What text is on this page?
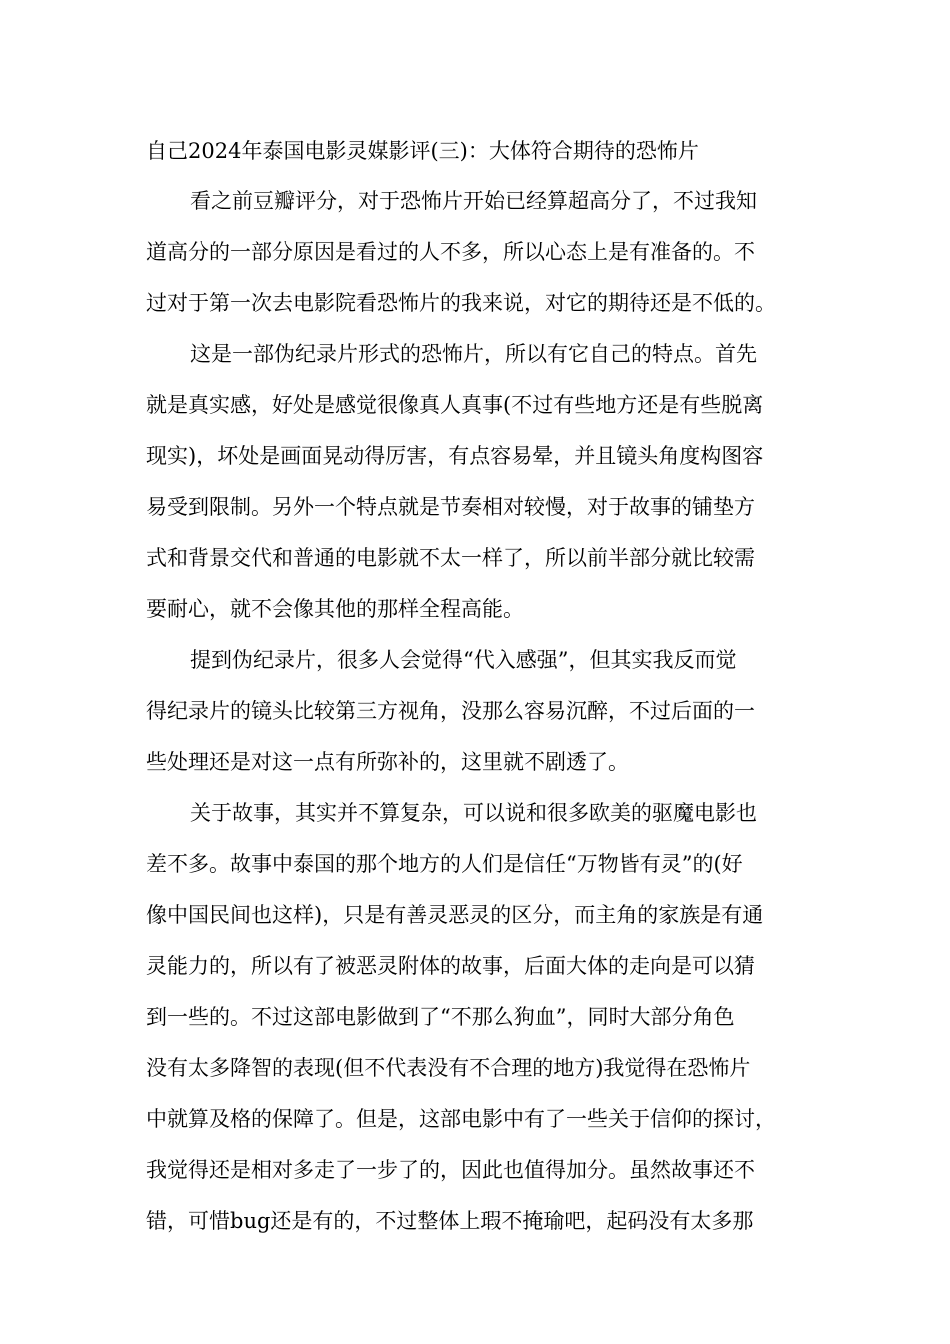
自己2024年泰国电影灵媒影评(三)：大体符合期待的恐怖片
看之前豆瓣评分，对于恐怖片开始已经算超高分了，不过我知
道高分的一部分原因是看过的人不多，所以心态上是有准备的。不
过对于第一次去电影院看恐怖片的我来说，对它的期待还是不低的。
这是一部伪纪录片形式的恐怖片，所以有它自己的特点。首先
就是真实感，好处是感觉很像真人真事(不过有些地方还是有些脱离
现实)，坏处是画面晃动得厉害，有点容易晕，并且镜头角度构图容
易受到限制。另外一个特点就是节奏相对较慢，对于故事的铺垫方
式和背景交代和普通的电影就不太一样了，所以前半部分就比较需
要耐心，就不会像其他的那样全程高能。
提到伪纪录片，很多人会觉得“代入感强”，但其实我反而觉
得纪录片的镜头比较第三方视角，没那么容易沉醉，不过后面的一
些处理还是对这一点有所弥补的，这里就不剧透了。
关于故事，其实并不算复杂，可以说和很多欧美的驱魔电影也
差不多。故事中泰国的那个地方的人们是信任“万物皆有灵”的(好
像中国民间也这样)，只是有善灵恶灵的区分，而主角的家族是有通
灵能力的，所以有了被恶灵附体的故事，后面大体的走向是可以猜
到一些的。不过这部电影做到了“不那么狗血”，同时大部分角色
没有太多降智的表现(但不代表没有不合理的地方)我觉得在恐怖片
中就算及格的保障了。但是，这部电影中有了一些关于信仰的探讨，
我觉得还是相对多走了一步了的，因此也值得加分。虽然故事还不
错，可惜bug还是有的，不过整体上瑕不掩瑜吧，起码没有太多那
